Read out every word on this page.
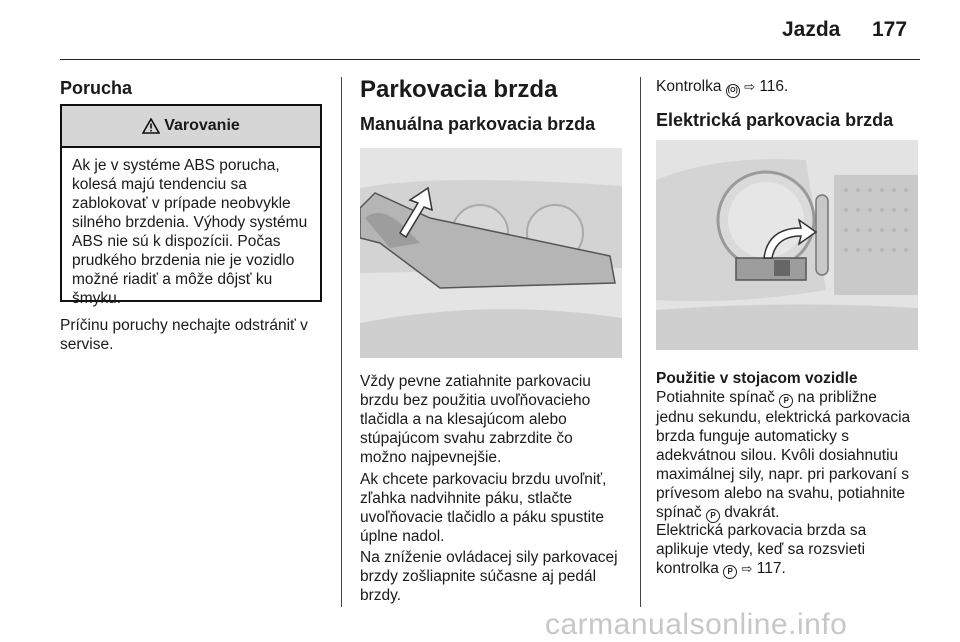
Jazda 177

Porucha

Varovanie
Ak je v systéme ABS porucha,
kolesá majú tendenciu sa
zablokovať v prípade neobvykle
silného brzdenia. Výhody systému
ABS nie sú k dispozícii. Počas
prudkého brzdenia nie je vozidlo
možné riadiť a môže dôjsť ku
šmyku.
Príčinu poruchy nechajte odstrániť v
servise.

Parkovacia brzda

Manuálna parkovacia brzda

Vždy pevne zatiahnite parkovaciu
brzdu bez použitia uvoľňovacieho
tlačidla a na klesajúcom alebo
stúpajúcom svahu zabrzdite čo
možno najpevnejšie.
Ak chcete parkovaciu brzdu uvoľniť,
zľahka nadvihnite páku, stlačte
uvoľňovacie tlačidlo a páku spustite
úplne nadol.
Na zníženie ovládacej sily parkovacej
brzdy zošliapnite súčasne aj pedál
brzdy.
Kontrolka (O) ⇨ 116.

Elektrická parkovacia brzda

Použitie v stojacom vozidle
Potiahnite spínač P na približne
jednu sekundu, elektrická parkovacia
brzda funguje automaticky s
adekvátnou silou. Kvôli dosiahnutiu
maximálnej sily, napr. pri parkovaní s
prívesom alebo na svahu, potiahnite
spínač P dvakrát.
Elektrická parkovacia brzda sa
aplikuje vtedy, keď sa rozsvieti
kontrolka P ⇨ 117.
carmanualsonline.info
